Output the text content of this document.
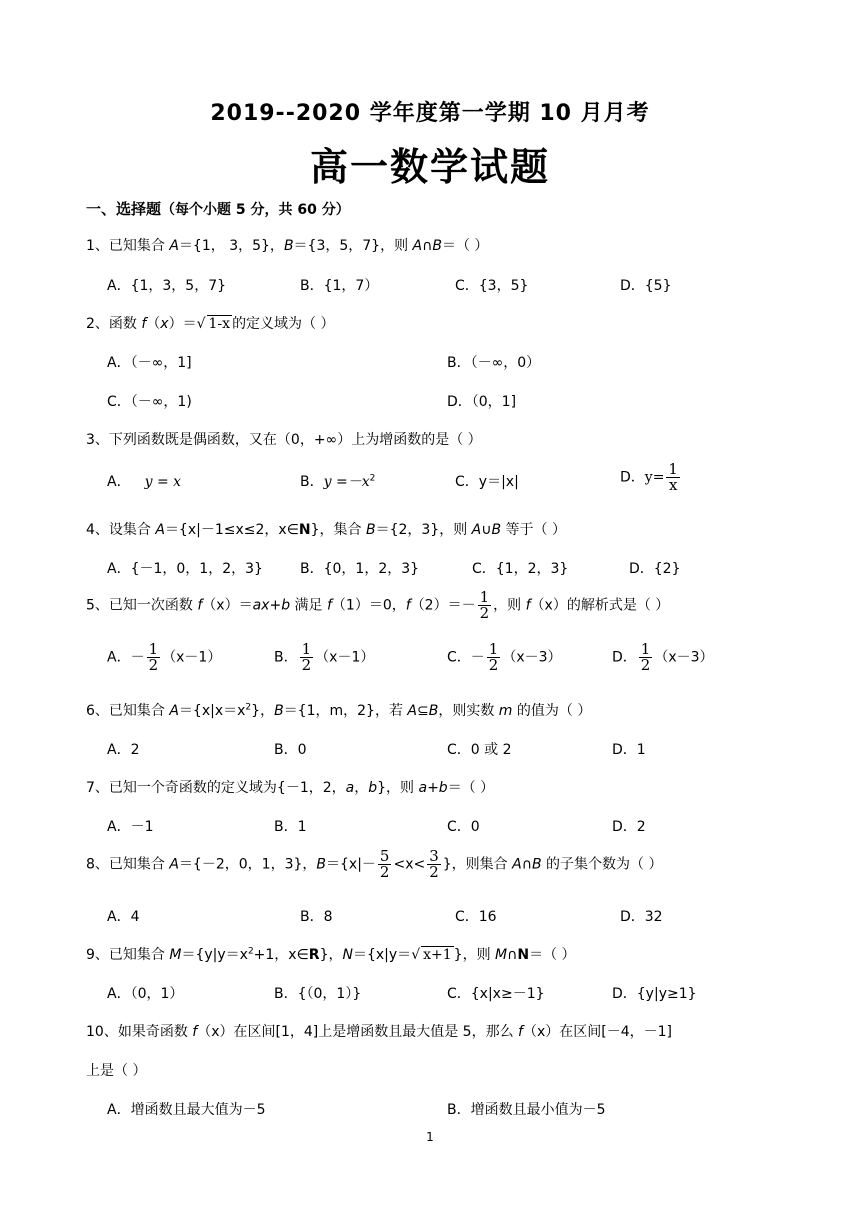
2019--2020 学年度第一学期 10 月月考
高一数学试题
一、选择题（每个小题 5 分，共 60 分）
1、已知集合 A＝{1， 3，5}，B＝{3，5，7}，则 A∩B＝（ ）
A．{1，3，5，7}	B．{1，7）	C．{3，5}	D．{5}
2、函数 f（x）＝√ 1-x 的定义域为（ ）
A．（－∞，1]	B．（－∞，0）
C．（－∞，1)	D．（0，1]
3、下列函数既是偶函数，又在（0，+∞）上为增函数的是（ ）
A． y = x	B．$y =-x^2$	C．y＝|x|	D．$y= \frac{1}{x}$
4、设集合 A＝{x|－1≤x≤2，x∈N}，集合 B＝{2，3}，则 A∪B 等于（ ）
A．{－1，0，1，2，3}	B．{0，1，2，3}	C．{1，2，3}	D．{2}
5、已知一次函数 f（x）＝ax+b 满足 f（1）＝0，$f(2)=- \frac{1}{2}$ ，则 f（x）的解析式是（ ）
A．－ $\frac{1}{2} (x-1)$	B． $\frac{1}{2} (x-1)$	C．－ $\frac{1}{2} (x-3)$	D． $\frac{1}{2} (x-3)$
6、已知集合 $A=\{x|x=x^2\}$，B＝{1，m，2}，若 A⊆B，则实数 m 的值为（ ）
A．2	B．0	C．0 或 2	D．1
7、已知一个奇函数的定义域为{－1，2，a，b}，则 a+b＝（ ）
A．－1	B．1	C．0	D．2
8、已知集合 A＝{－2，0，1，3}，$B=\{x|- \frac{5}{2} <x< \frac{3}{2}$ }，则集合 A∩B 的子集个数为（ ）
A．4	B．8	C．16	D．32
9、已知集合 $M=\{y|y=x^2+1$，x∈R}，N＝{x|y＝√ x+1 }，则 M∩N＝（ ）
A．（0，1）	B．{（0，1）}	C．{x|x≥－1}	D．{y|y≥1}
10、如果奇函数 f（x）在区间[1，4]上是增函数且最大值是 5，那么 f（x）在区间[－4，－1]
上是（ ）
A．增函数且最大值为－5	B．增函数且最小值为－5
1
